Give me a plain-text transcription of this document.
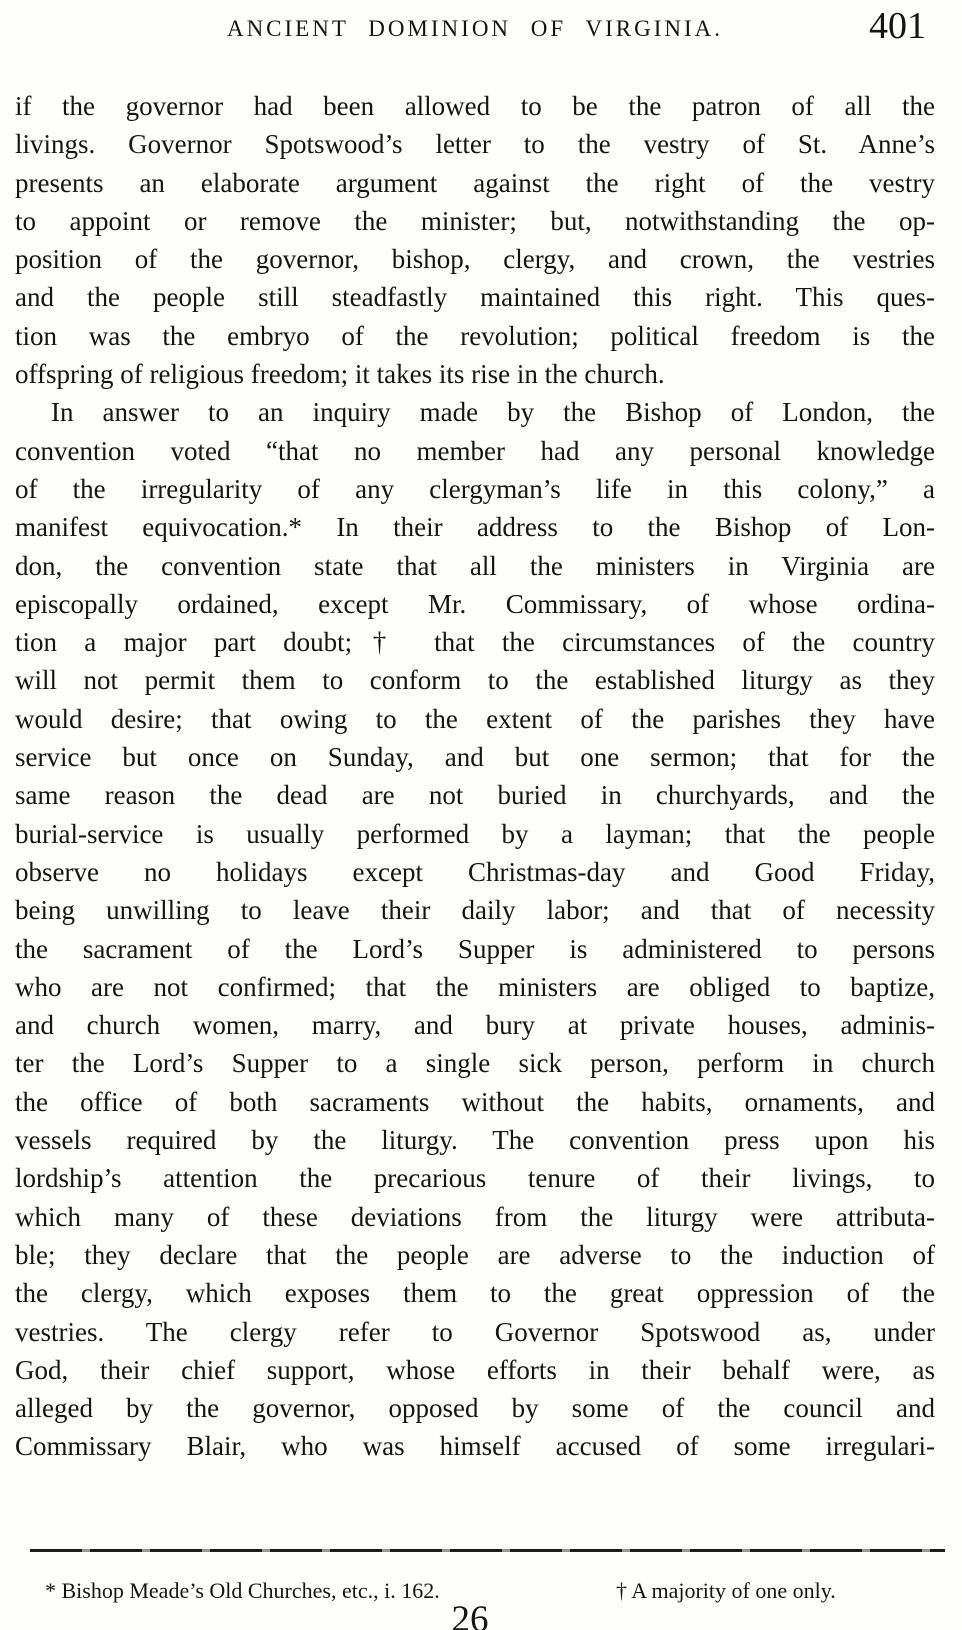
ANCIENT DOMINION OF VIRGINIA.	401
if the governor had been allowed to be the patron of all the
livings. Governor Spotswood’s letter to the vestry of St. Anne’s
presents an elaborate argument against the right of the vestry
to appoint or remove the minister; but, notwithstanding the op-
position of the governor, bishop, clergy, and crown, the vestries
and the people still steadfastly maintained this right. This ques-
tion was the embryo of the revolution; political freedom is the
offspring of religious freedom; it takes its rise in the church.
In answer to an inquiry made by the Bishop of London, the
convention voted “that no member had any personal knowledge
of the irregularity of any clergyman’s life in this colony,” a
manifest equivocation.* In their address to the Bishop of Lon-
don, the convention state that all the ministers in Virginia are
episcopally ordained, except Mr. Commissary, of whose ordina-
tion a major part doubt;† that the circumstances of the country
will not permit them to conform to the established liturgy as they
would desire; that owing to the extent of the parishes they have
service but once on Sunday, and but one sermon; that for the
same reason the dead are not buried in churchyards, and the
burial-service is usually performed by a layman; that the people
observe no holidays except Christmas-day and Good Friday,
being unwilling to leave their daily labor; and that of necessity
the sacrament of the Lord’s Supper is administered to persons
who are not confirmed; that the ministers are obliged to baptize,
and church women, marry, and bury at private houses, adminis-
ter the Lord’s Supper to a single sick person, perform in church
the office of both sacraments without the habits, ornaments, and
vessels required by the liturgy. The convention press upon his
lordship’s attention the precarious tenure of their livings, to
which many of these deviations from the liturgy were attributa-
ble; they declare that the people are adverse to the induction of
the clergy, which exposes them to the great oppression of the
vestries. The clergy refer to Governor Spotswood as, under
God, their chief support, whose efforts in their behalf were, as
alleged by the governor, opposed by some of the council and
Commissary Blair, who was himself accused of some irregulari-
* Bishop Meade’s Old Churches, etc., i. 162.	† A majority of one only.
26
